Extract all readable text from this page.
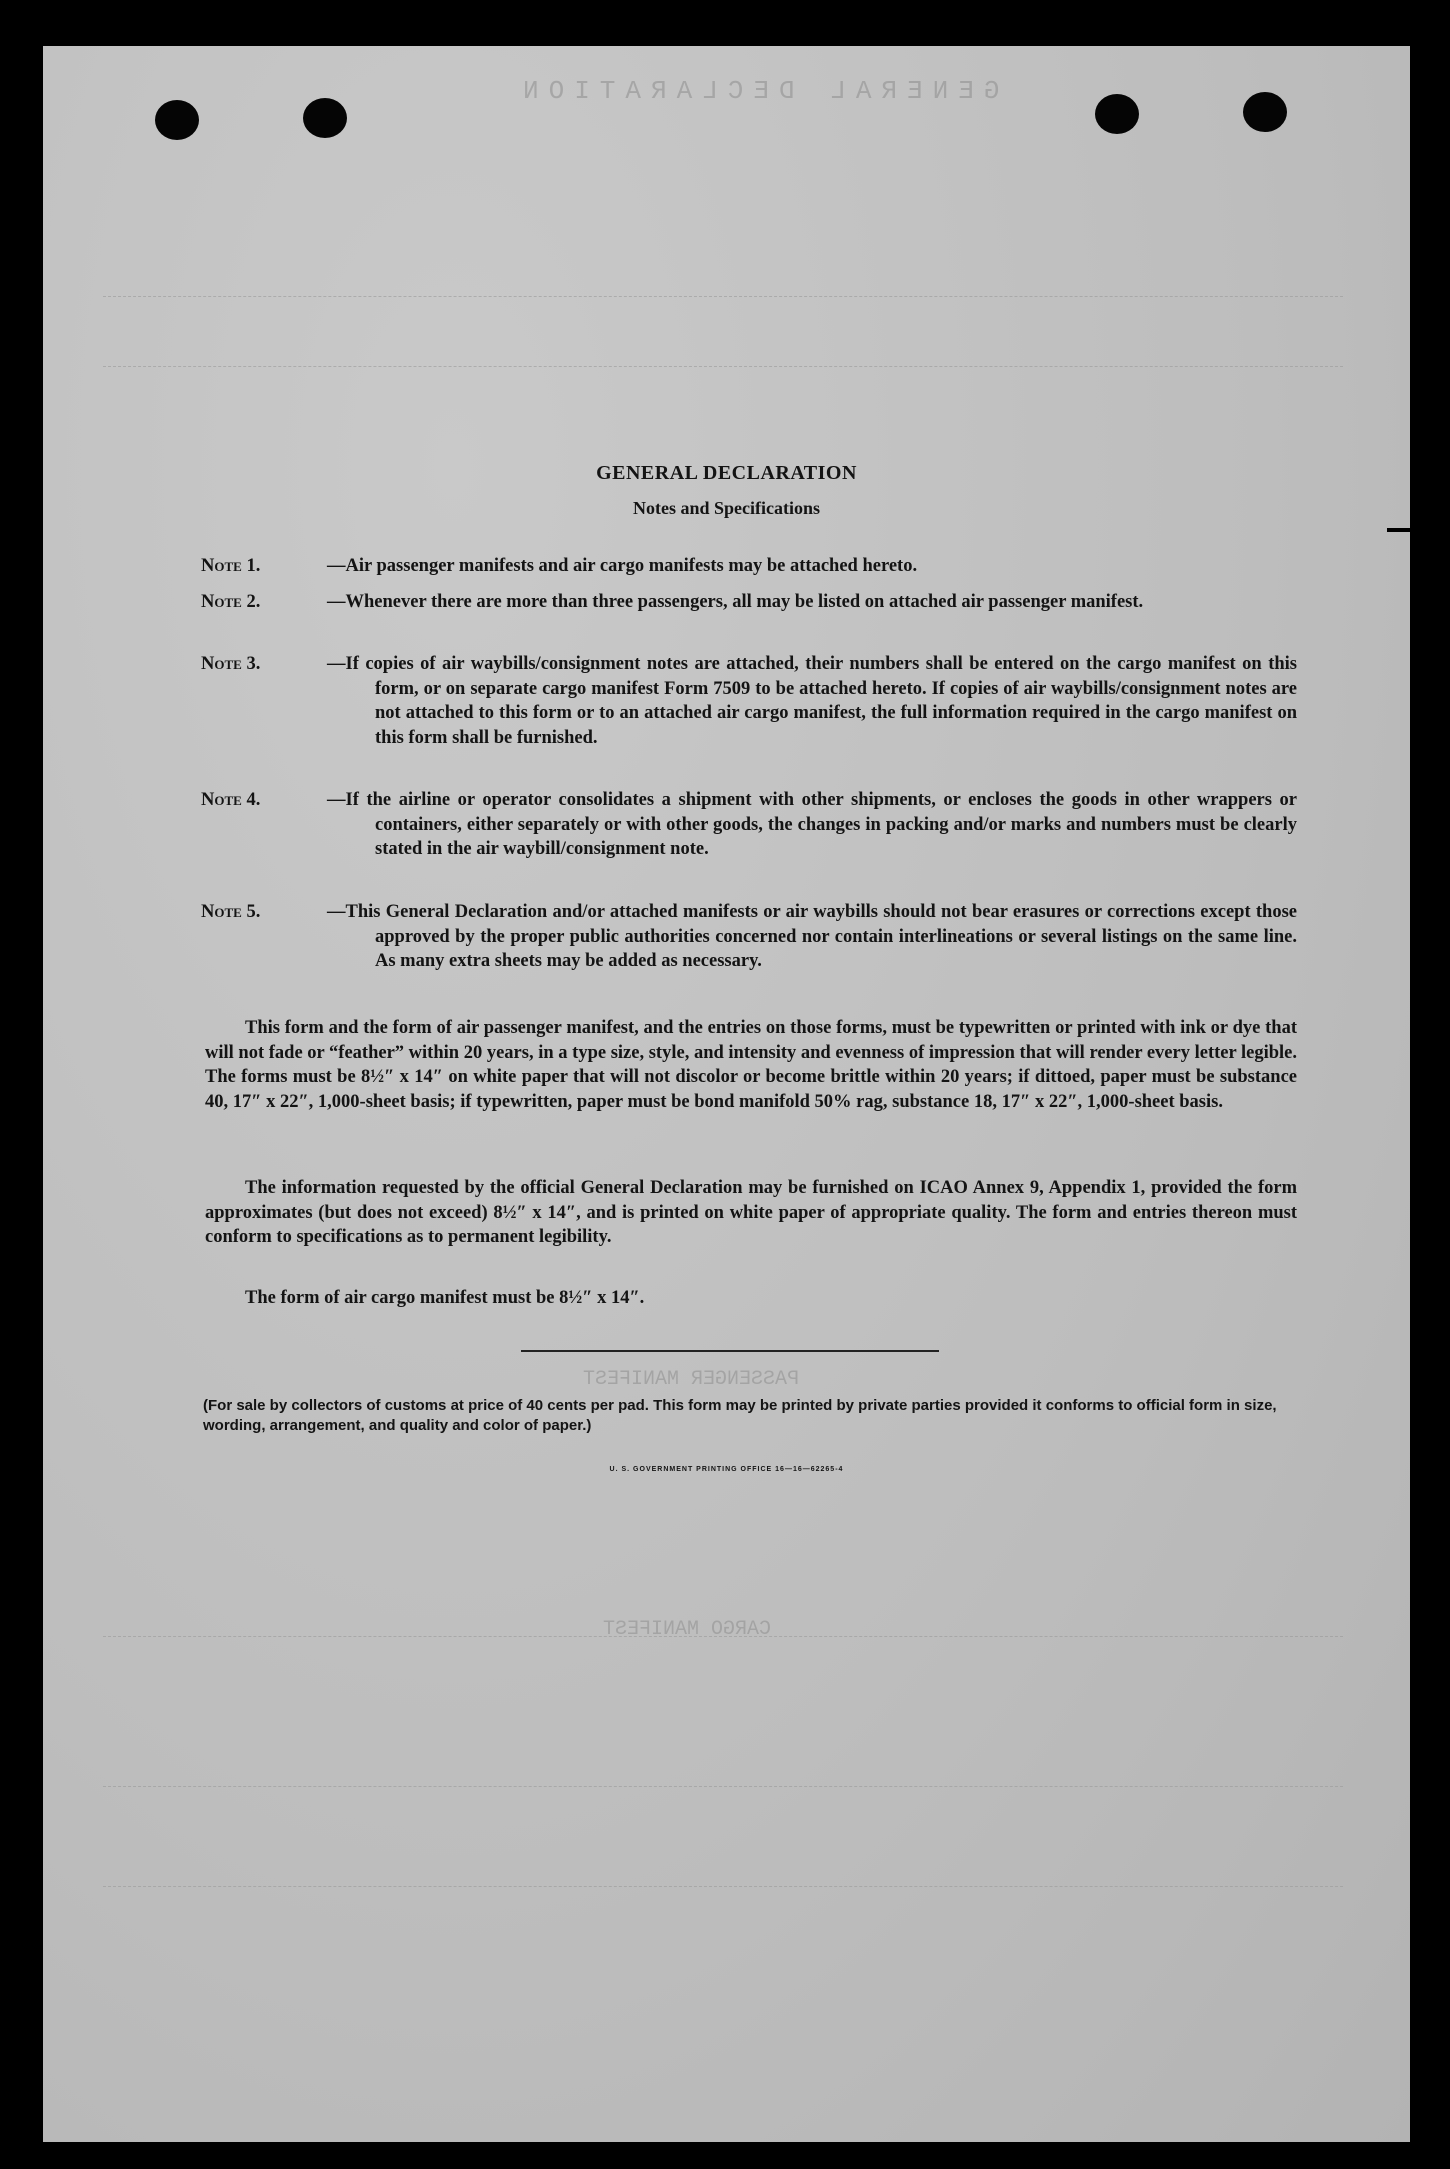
GENERAL DECLARATION
PASSENGER MANIFEST
CARGO MANIFEST
GENERAL DECLARATION
Notes and Specifications
Note 1.	—Air passenger manifests and air cargo manifests may be attached hereto.
Note 2.	—Whenever there are more than three passengers, all may be listed on attached air passenger manifest.
Note 3.	—If copies of air waybills/consignment notes are attached, their numbers shall be entered on the cargo manifest on this form, or on separate cargo manifest Form 7509 to be attached hereto. If copies of air waybills/consignment notes are not attached to this form or to an attached air cargo manifest, the full information required in the cargo manifest on this form shall be furnished.
Note 4.	—If the airline or operator consolidates a shipment with other shipments, or encloses the goods in other wrappers or containers, either separately or with other goods, the changes in packing and/or marks and numbers must be clearly stated in the air waybill/consignment note.
Note 5.	—This General Declaration and/or attached manifests or air waybills should not bear erasures or corrections except those approved by the proper public authorities concerned nor contain interlineations or several listings on the same line. As many extra sheets may be added as necessary.
This form and the form of air passenger manifest, and the entries on those forms, must be typewritten or printed with ink or dye that will not fade or “feather” within 20 years, in a type size, style, and intensity and evenness of impression that will render every letter legible. The forms must be 8½″ x 14″ on white paper that will not discolor or become brittle within 20 years; if dittoed, paper must be substance 40, 17″ x 22″, 1,000-sheet basis; if typewritten, paper must be bond manifold 50% rag, substance 18, 17″ x 22″, 1,000-sheet basis.
The information requested by the official General Declaration may be furnished on ICAO Annex 9, Appendix 1, provided the form approximates (but does not exceed) 8½″ x 14″, and is printed on white paper of appropriate quality. The form and entries thereon must conform to specifications as to permanent legibility.
The form of air cargo manifest must be 8½″ x 14″.
(For sale by collectors of customs at price of 40 cents per pad. This form may be printed by private parties provided it conforms to official form in size, wording, arrangement, and quality and color of paper.)
U. S. GOVERNMENT PRINTING OFFICE 16—16—62265-4
